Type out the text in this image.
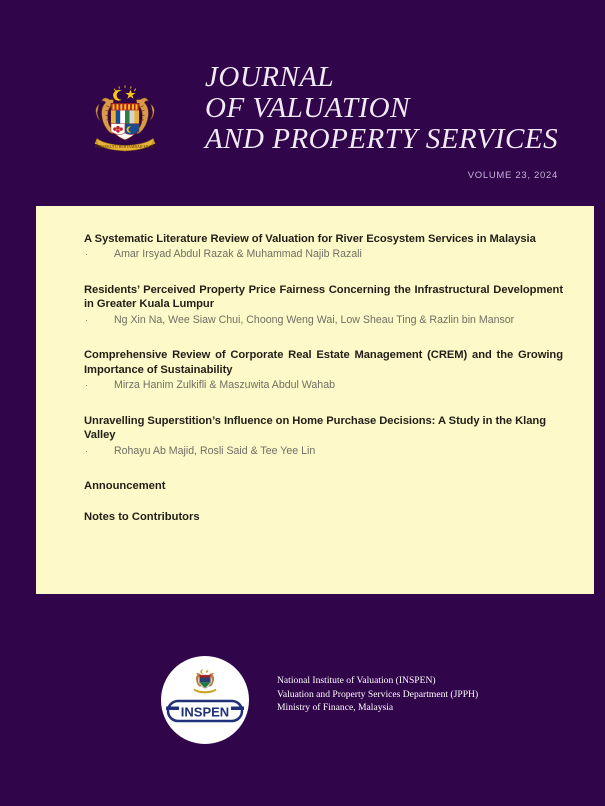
BERSEKUTU BERTAMBAH MUTU
JOURNAL
OF VALUATION
AND PROPERTY SERVICES
VOLUME 23, 2024

A Systematic Literature Review of Valuation for River Ecosystem Services in Malaysia

·	Amar Irsyad Abdul Razak & Muhammad Najib Razali

Residents’ Perceived Property Price Fairness Concerning the Infrastructural Development in Greater Kuala Lumpur

·	Ng Xin Na, Wee Siaw Chui, Choong Weng Wai, Low Sheau Ting & Razlin bin Mansor

Comprehensive Review of Corporate Real Estate Management (CREM) and the Growing Importance of Sustainability

·	Mirza Hanim Zulkifli & Maszuwita Abdul Wahab

Unravelling Superstition’s Influence on Home Purchase Decisions: A Study in the Klang Valley

·	Rohayu Ab Majid, Rosli Said & Tee Yee Lin

Announcement

Notes to Contributors

INSPEN
National Institute of Valuation (INSPEN)
Valuation and Property Services Department (JPPH)
Ministry of Finance, Malaysia
